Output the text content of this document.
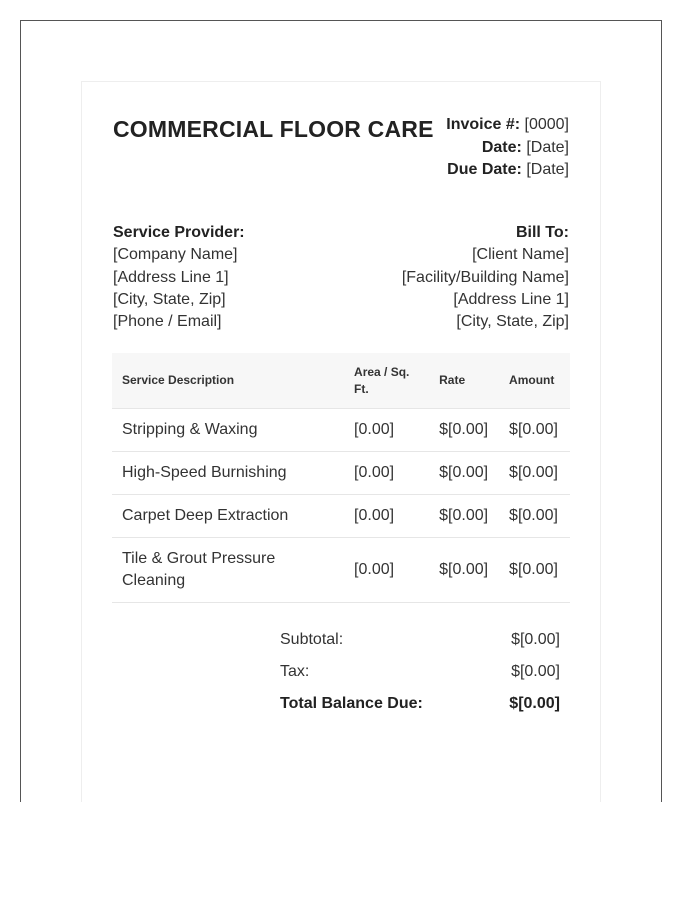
COMMERCIAL FLOOR CARE Invoice #: [0000]
Date: [Date]
Due Date: [Date]
Service Provider:
[Company Name]
[Address Line 1]
[City, State, Zip]
[Phone / Email]
Bill To:
[Client Name]
[Facility/Building Name]
[Address Line 1]
[City, State, Zip]
Service Description	Area / Sq. Ft.	Rate	Amount
Stripping & Waxing	[0.00]	$[0.00]	$[0.00]
High-Speed Burnishing	[0.00]	$[0.00]	$[0.00]
Carpet Deep Extraction	[0.00]	$[0.00]	$[0.00]
Tile & Grout Pressure Cleaning	[0.00]	$[0.00]	$[0.00]
Subtotal:	$[0.00]
Tax:	$[0.00]
Total Balance Due:	$[0.00]
